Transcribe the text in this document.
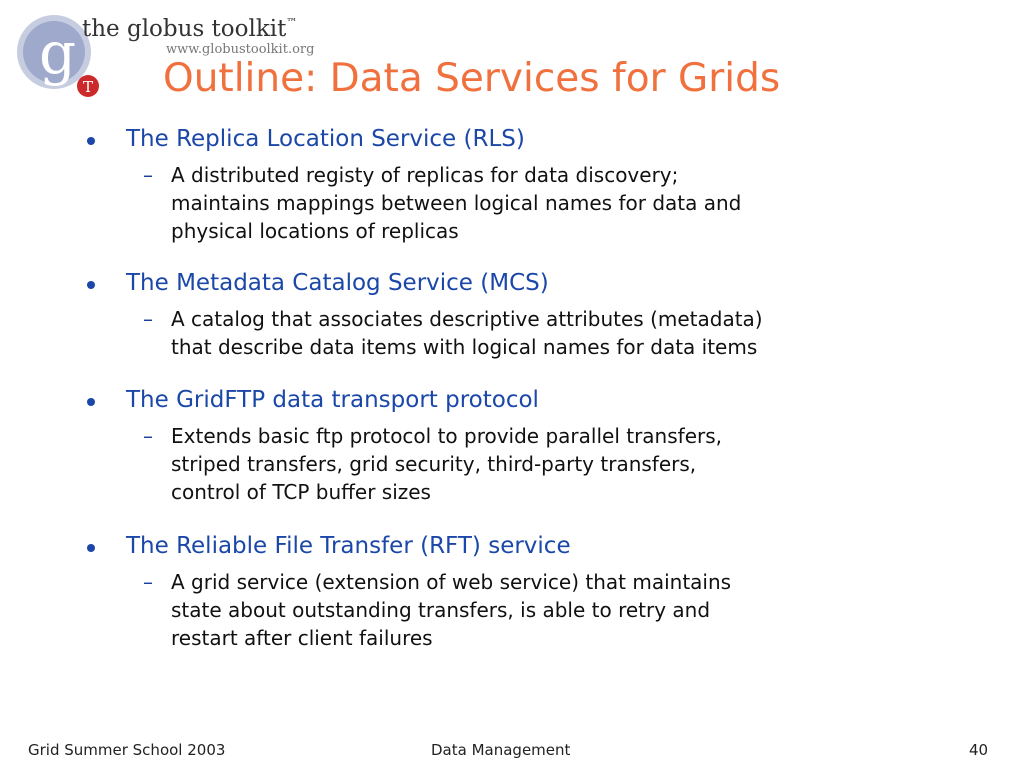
g T
the globus toolkit™
www.globustoolkit.org
Outline: Data Services for Grids
The Replica Location Service (RLS)
– A distributed registy of replicas for data discovery;
maintains mappings between logical names for data and
physical locations of replicas
The Metadata Catalog Service (MCS)
– A catalog that associates descriptive attributes (metadata)
that describe data items with logical names for data items
The GridFTP data transport protocol
– Extends basic ftp protocol to provide parallel transfers,
striped transfers, grid security, third-party transfers,
control of TCP buffer sizes
The Reliable File Transfer (RFT) service
– A grid service (extension of web service) that maintains
state about outstanding transfers, is able to retry and
restart after client failures
Grid Summer School 2003	Data Management	40
